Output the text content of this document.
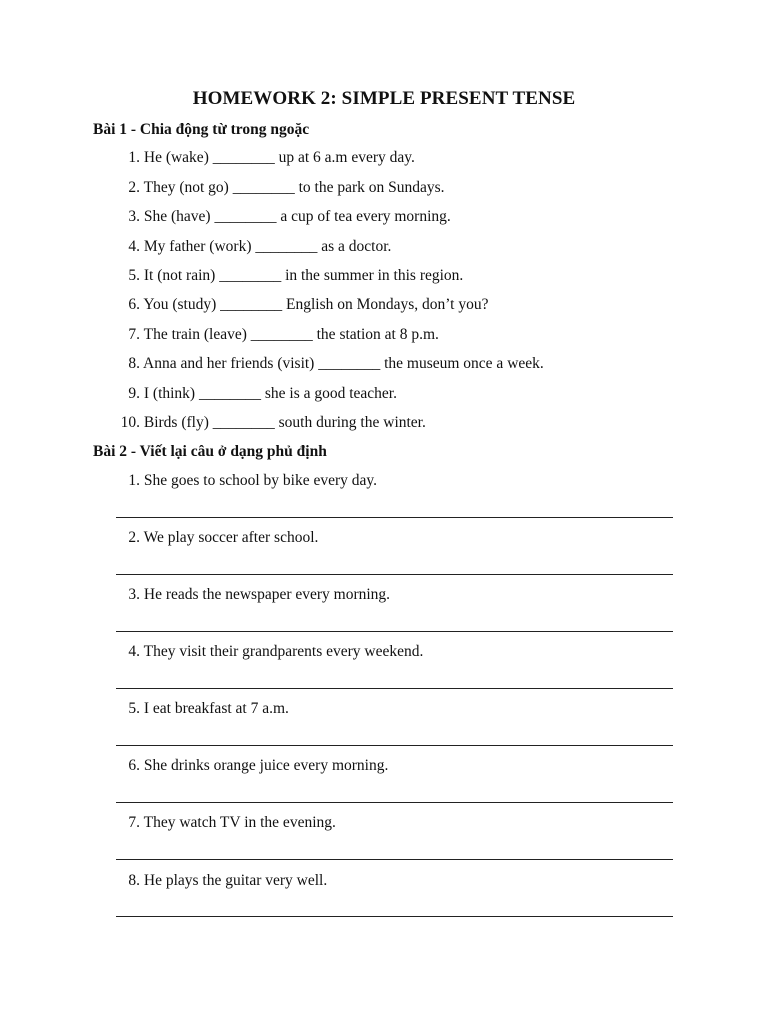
HOMEWORK 2: SIMPLE PRESENT TENSE
Bài 1 - Chia động từ trong ngoặc
1. He (wake) ________ up at 6 a.m every day.
2. They (not go) ________ to the park on Sundays.
3. She (have) ________ a cup of tea every morning.
4. My father (work) ________ as a doctor.
5. It (not rain) ________ in the summer in this region.
6. You (study) ________ English on Mondays, don’t you?
7. The train (leave) ________ the station at 8 p.m.
8. Anna and her friends (visit) ________ the museum once a week.
9. I (think) ________ she is a good teacher.
10. Birds (fly) ________ south during the winter.
Bài 2 - Viết lại câu ở dạng phủ định
1. She goes to school by bike every day.
2. We play soccer after school.
3. He reads the newspaper every morning.
4. They visit their grandparents every weekend.
5. I eat breakfast at 7 a.m.
6. She drinks orange juice every morning.
7. They watch TV in the evening.
8. He plays the guitar very well.
